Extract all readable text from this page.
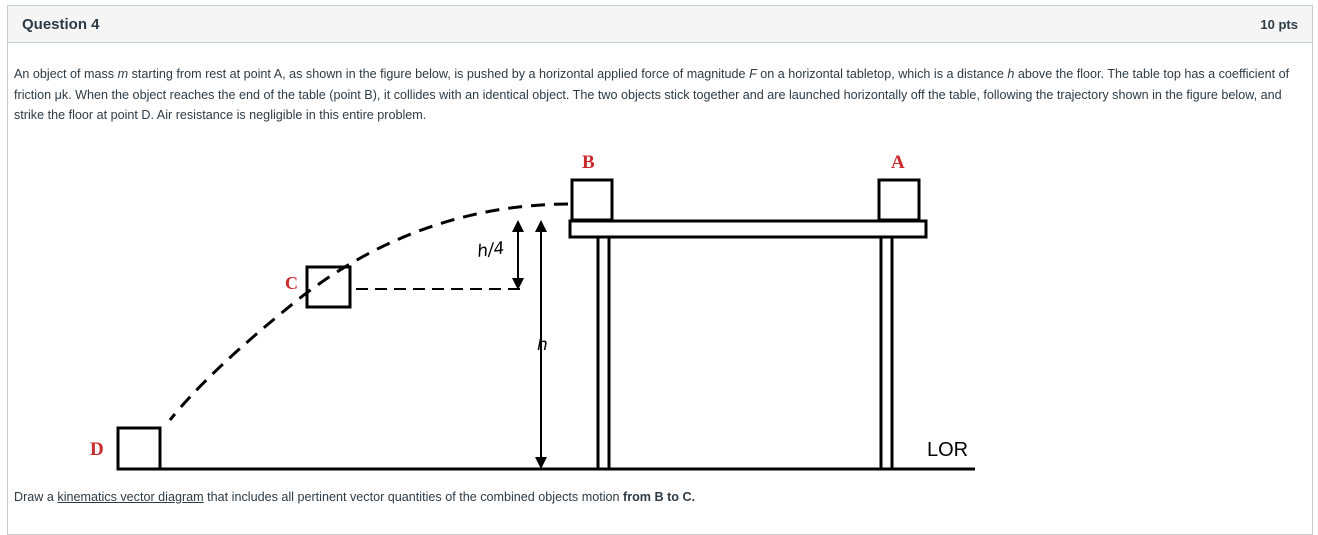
Question 4	10 pts
An object of mass m starting from rest at point A, as shown in the figure below, is pushed by a horizontal applied force of magnitude F on a horizontal tabletop, which is a distance h above the floor. The table top has a coefficient of friction μk. When the object reaches the end of the table (point B), it collides with an identical object. The two objects stick together and are launched horizontally off the table, following the trajectory shown in the figure below, and strike the floor at point D. Air resistance is negligible in this entire problem.
B	A
C
D
h/4
h
LOR
Draw a kinematics vector diagram that includes all pertinent vector quantities of the combined objects motion from B to C.
